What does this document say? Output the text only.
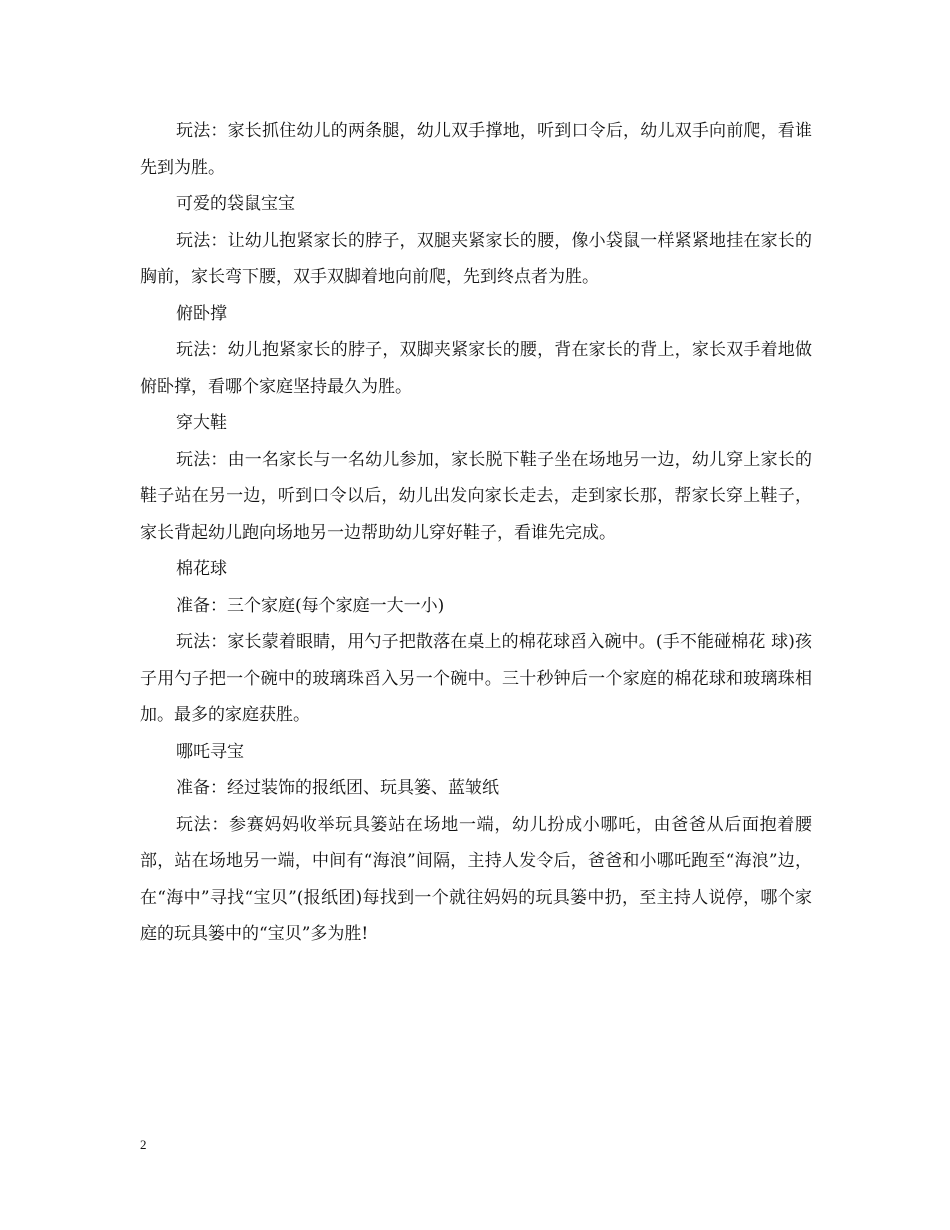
玩法：家长抓住幼儿的两条腿，幼儿双手撑地，听到口令后，幼儿双手向前爬，看谁先到为胜。

可爱的袋鼠宝宝

玩法：让幼儿抱紧家长的脖子，双腿夹紧家长的腰，像小袋鼠一样紧紧地挂在家长的胸前，家长弯下腰，双手双脚着地向前爬，先到终点者为胜。

俯卧撑

玩法：幼儿抱紧家长的脖子，双脚夹紧家长的腰，背在家长的背上，家长双手着地做俯卧撑，看哪个家庭坚持最久为胜。

穿大鞋

玩法：由一名家长与一名幼儿参加，家长脱下鞋子坐在场地另一边，幼儿穿上家长的鞋子站在另一边，听到口令以后，幼儿出发向家长走去，走到家长那，帮家长穿上鞋子，家长背起幼儿跑向场地另一边帮助幼儿穿好鞋子，看谁先完成。

棉花球

准备：三个家庭(每个家庭一大一小)

玩法：家长蒙着眼睛，用勺子把散落在桌上的棉花球舀入碗中。(手不能碰棉花 球)孩子用勺子把一个碗中的玻璃珠舀入另一个碗中。三十秒钟后一个家庭的棉花球和玻璃珠相加。最多的家庭获胜。

哪吒寻宝

准备：经过装饰的报纸团、玩具篓、蓝皱纸

玩法：参赛妈妈收举玩具篓站在场地一端，幼儿扮成小哪吒，由爸爸从后面抱着腰部，站在场地另一端，中间有“海浪”间隔，主持人发令后，爸爸和小哪吒跑至“海浪”边，在“海中”寻找“宝贝”(报纸团)每找到一个就往妈妈的玩具篓中扔，至主持人说停，哪个家庭的玩具篓中的“宝贝”多为胜!

2
